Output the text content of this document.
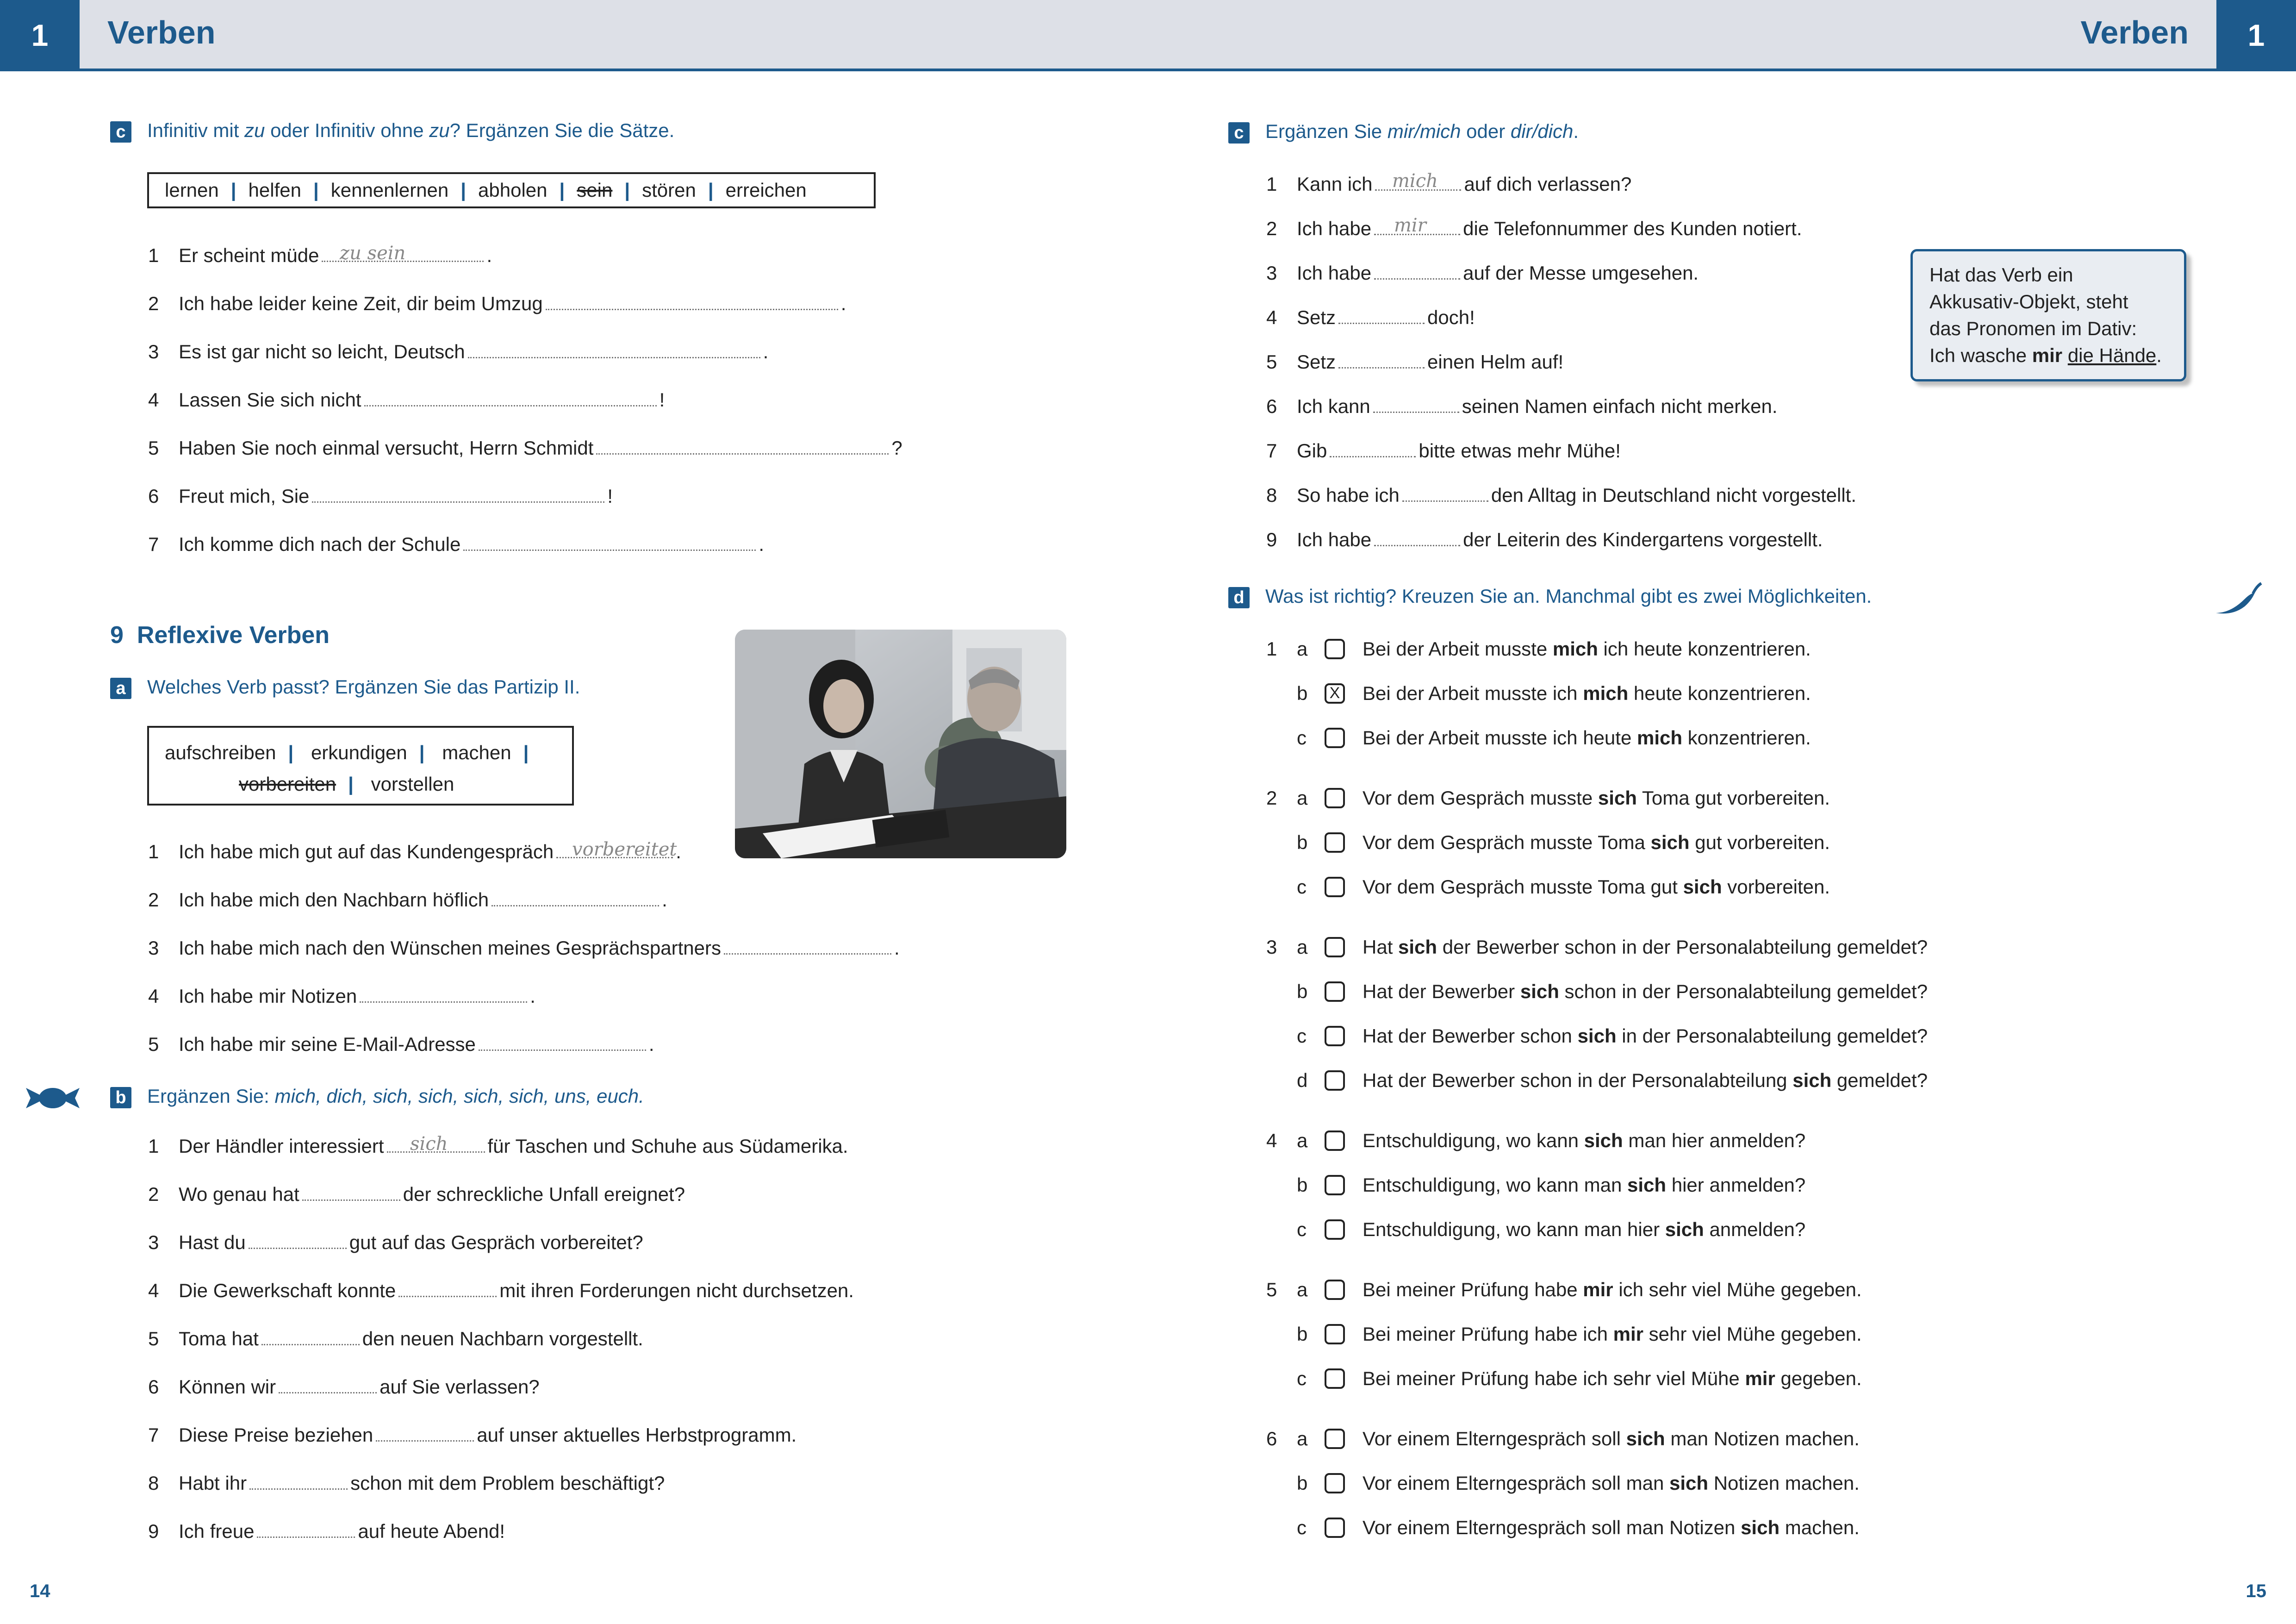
1	Verben	Verben	1
c Infinitiv mit zu oder Infinitiv ohne zu? Ergänzen Sie die Sätze.
lernen | helfen | kennenlernen | abholen | sein | stören | erreichen
1 Er scheint müde	.
zu sein
2 Ich habe leider keine Zeit, dir beim Umzug	.
3 Es ist gar nicht so leicht, Deutsch	.
4 Lassen Sie sich nicht	!
5 Haben Sie noch einmal versucht, Herrn Schmidt	?
6 Freut mich, Sie	!
7 Ich komme dich nach der Schule	.
9 Reflexive Verben
a Welches Verb passt? Ergänzen Sie das Partizip II.
aufschreiben | erkundigen | machen |
vorbereiten | vorstellen
1 Ich habe mich gut auf das Kundengespräch	.
vorbereitet
2 Ich habe mich den Nachbarn höflich	.
3 Ich habe mich nach den Wünschen meines Gesprächspartners	.
4 Ich habe mir Notizen	.
5 Ich habe mir seine E-Mail-Adresse	.
b Ergänzen Sie: mich, dich, sich, sich, sich, sich, uns, euch.
1 Der Händler interessiert	für Taschen und Schuhe aus Südamerika.
sich
2 Wo genau hat	der schreckliche Unfall ereignet?
3 Hast du	gut auf das Gespräch vorbereitet?
4 Die Gewerkschaft konnte	mit ihren Forderungen nicht durchsetzen.
5 Toma hat	den neuen Nachbarn vorgestellt.
6 Können wir	auf Sie verlassen?
7 Diese Preise beziehen	auf unser aktuelles Herbstprogramm.
8 Habt ihr	schon mit dem Problem beschäftigt?
9 Ich freue	auf heute Abend!
14
c Ergänzen Sie mir/mich oder dir/dich.
1 Kann ich	auf dich verlassen?
mich
2 Ich habe	die Telefonnummer des Kunden notiert.
mir
3 Ich habe	auf der Messe umgesehen.
4 Setz	doch!
5 Setz	einen Helm auf!
6 Ich kann	seinen Namen einfach nicht merken.
7 Gib	bitte etwas mehr Mühe!
8 So habe ich	den Alltag in Deutschland nicht vorgestellt.
9 Ich habe	der Leiterin des Kindergartens vorgestellt.
Hat das Verb ein
Akkusativ-Objekt, steht
das Pronomen im Dativ:
Ich wasche mir die Hände.
d Was ist richtig? Kreuzen Sie an. Manchmal gibt es zwei Möglichkeiten.
1 a	Bei der Arbeit musste mich ich heute konzentrieren.
b	X Bei der Arbeit musste ich mich heute konzentrieren.
c	Bei der Arbeit musste ich heute mich konzentrieren.
2 a	Vor dem Gespräch musste sich Toma gut vorbereiten.
b	Vor dem Gespräch musste Toma sich gut vorbereiten.
c	Vor dem Gespräch musste Toma gut sich vorbereiten.
3 a	Hat sich der Bewerber schon in der Personalabteilung gemeldet?
b	Hat der Bewerber sich schon in der Personalabteilung gemeldet?
c	Hat der Bewerber schon sich in der Personalabteilung gemeldet?
d	Hat der Bewerber schon in der Personalabteilung sich gemeldet?
4 a	Entschuldigung, wo kann sich man hier anmelden?
b	Entschuldigung, wo kann man sich hier anmelden?
c	Entschuldigung, wo kann man hier sich anmelden?
5 a	Bei meiner Prüfung habe mir ich sehr viel Mühe gegeben.
b	Bei meiner Prüfung habe ich mir sehr viel Mühe gegeben.
c	Bei meiner Prüfung habe ich sehr viel Mühe mir gegeben.
6 a	Vor einem Elterngespräch soll sich man Notizen machen.
b	Vor einem Elterngespräch soll man sich Notizen machen.
c	Vor einem Elterngespräch soll man Notizen sich machen.
15
